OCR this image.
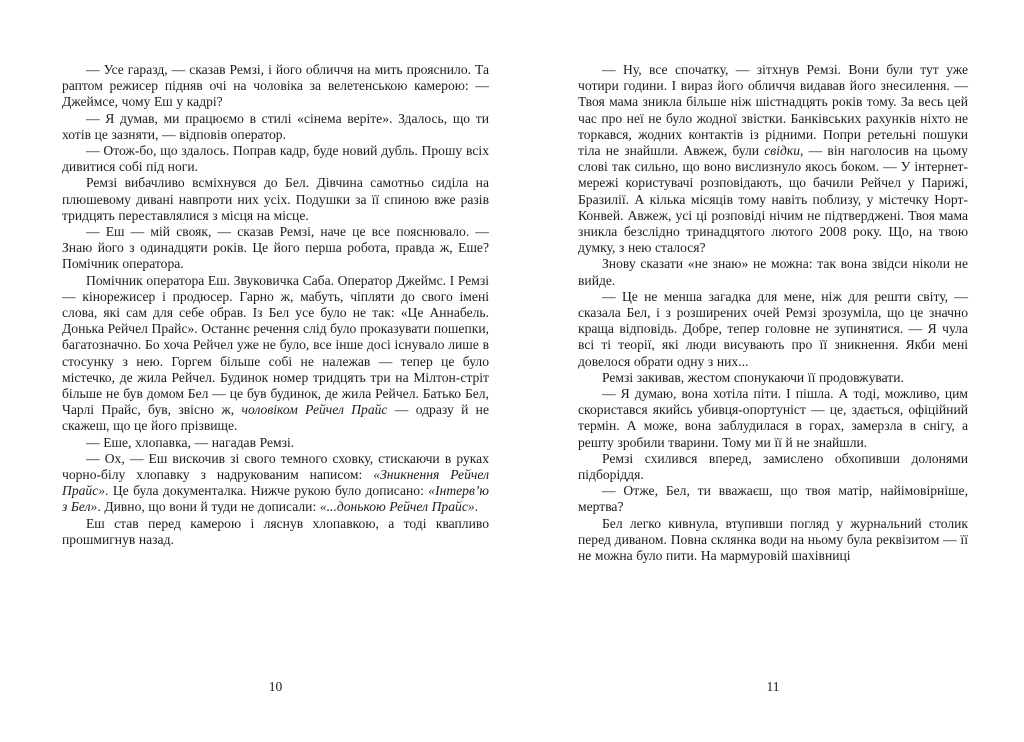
— Усе гаразд, — сказав Ремзі, і його обличчя на мить прояснило. Та раптом режисер підняв очі на чоловіка за велетенською камерою: — Джеймсе, чому Еш у кадрі?

— Я думав, ми працюємо в стилі «сінема веріте». Здалось, що ти хотів це зазняти, — відповів оператор.

— Отож-бо, що здалось. Поправ кадр, буде новий дубль. Прошу всіх дивитися собі під ноги.

Ремзі вибачливо всміхнувся до Бел. Дівчина самотньо сиділа на плюшевому дивані навпроти них усіх. Подушки за її спиною вже разів тридцять переставлялися з місця на місце.

— Еш — мій свояк, — сказав Ремзі, наче це все пояснювало. — Знаю його з одинадцяти років. Це його перша робота, правда ж, Еше? Помічник оператора.

Помічник оператора Еш. Звуковичка Саба. Оператор Джеймс. І Ремзі — кінорежисер і продюсер. Гарно ж, мабуть, чіпляти до свого імені слова, які сам для себе обрав. Із Бел усе було не так: «Це Аннабель. Донька Рейчел Прайс». Останнє речення слід було проказувати пошепки, багатозначно. Бо хоча Рейчел уже не було, все інше досі існувало лише в стосунку з нею. Горгем більше собі не належав — тепер це було містечко, де жила Рейчел. Будинок номер тридцять три на Мілтон-стріт більше не був домом Бел — це був будинок, де жила Рейчел. Батько Бел, Чарлі Прайс, був, звісно ж, чоловіком Рейчел Прайс — одразу й не скажеш, що це його прізвище.

— Еше, хлопавка, — нагадав Ремзі.

— Ох, — Еш вискочив зі свого темного сховку, стискаючи в руках чорно-білу хлопавку з надрукованим написом: «Зникнення Рейчел Прайс». Це була документалка. Нижче рукою було дописано: «Інтерв’ю з Бел». Дивно, що вони й туди не дописали: «...донькою Рейчел Прайс».

Еш став перед камерою і ляснув хлопавкою, а тоді квапливо прошмигнув назад.

— Ну, все спочатку, — зітхнув Ремзі. Вони були тут уже чотири години. І вираз його обличчя видавав його знесилення. — Твоя мама зникла більше ніж шістнадцять років тому. За весь цей час про неї не було жодної звістки. Банківських рахунків ніхто не торкався, жодних контактів із рідними. Попри ретельні пошуки тіла не знайшли. Авжеж, були свідки, — він наголосив на цьому слові так сильно, що воно вислизнуло якось боком. — У інтернет-мережі користувачі розповідають, що бачили Рейчел у Парижі, Бразилії. А кілька місяців тому навіть поблизу, у містечку Норт-Конвей. Авжеж, усі ці розповіді нічим не підтверджені. Твоя мама зникла безслідно тринадцятого лютого 2008 року. Що, на твою думку, з нею сталося?

Знову сказати «не знаю» не можна: так вона звідси ніколи не вийде.

— Це не менша загадка для мене, ніж для решти світу, — сказала Бел, і з розширених очей Ремзі зрозуміла, що це значно краща відповідь. Добре, тепер головне не зупинятися. — Я чула всі ті теорії, які люди висувають про її зникнення. Якби мені довелося обрати одну з них...

Ремзі закивав, жестом спонукаючи її продовжувати.

— Я думаю, вона хотіла піти. І пішла. А тоді, можливо, цим скористався якийсь убивця-опортуніст — це, здається, офіційний термін. А може, вона заблудилася в горах, замерзла в снігу, а решту зробили тварини. Тому ми її й не знайшли.

Ремзі схилився вперед, замислено обхопивши долонями підборіддя.

— Отже, Бел, ти вважаєш, що твоя матір, найімовірніше, мертва?

Бел легко кивнула, втупивши погляд у журнальний столик перед диваном. Повна склянка води на ньому була реквізитом — її не можна було пити. На мармуровій шахівниці

10	11
